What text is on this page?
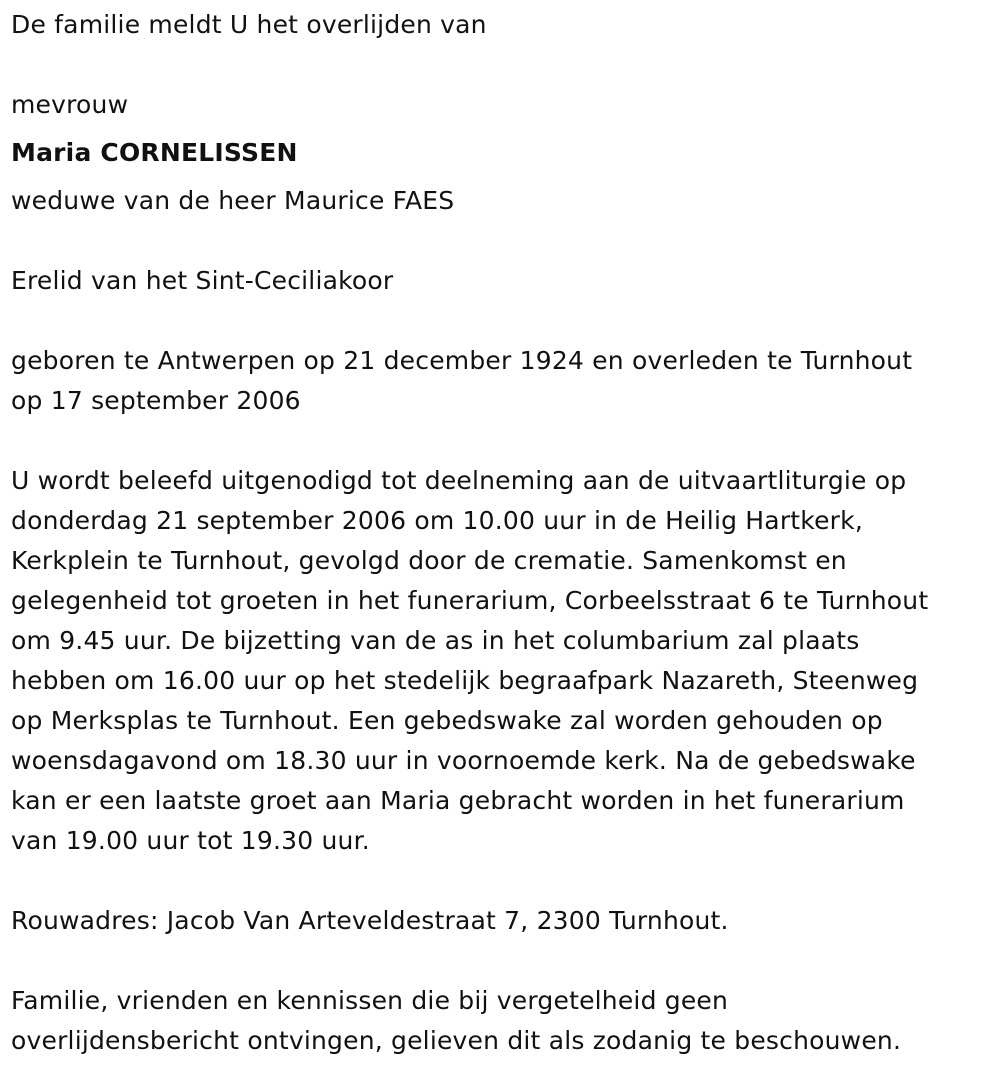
De familie meldt U het overlijden van
mevrouw
Maria CORNELISSEN
weduwe van de heer Maurice FAES
Erelid van het Sint-Ceciliakoor
geboren te Antwerpen op 21 december 1924 en overleden te Turnhout
op 17 september 2006
U wordt beleefd uitgenodigd tot deelneming aan de uitvaartliturgie op
donderdag 21 september 2006 om 10.00 uur in de Heilig Hartkerk,
Kerkplein te Turnhout, gevolgd door de crematie. Samenkomst en
gelegenheid tot groeten in het funerarium, Corbeelsstraat 6 te Turnhout
om 9.45 uur. De bijzetting van de as in het columbarium zal plaats
hebben om 16.00 uur op het stedelijk begraafpark Nazareth, Steenweg
op Merksplas te Turnhout. Een gebedswake zal worden gehouden op
woensdagavond om 18.30 uur in voornoemde kerk. Na de gebedswake
kan er een laatste groet aan Maria gebracht worden in het funerarium
van 19.00 uur tot 19.30 uur.
Rouwadres: Jacob Van Arteveldestraat 7, 2300 Turnhout.
Familie, vrienden en kennissen die bij vergetelheid geen
overlijdensbericht ontvingen, gelieven dit als zodanig te beschouwen.
